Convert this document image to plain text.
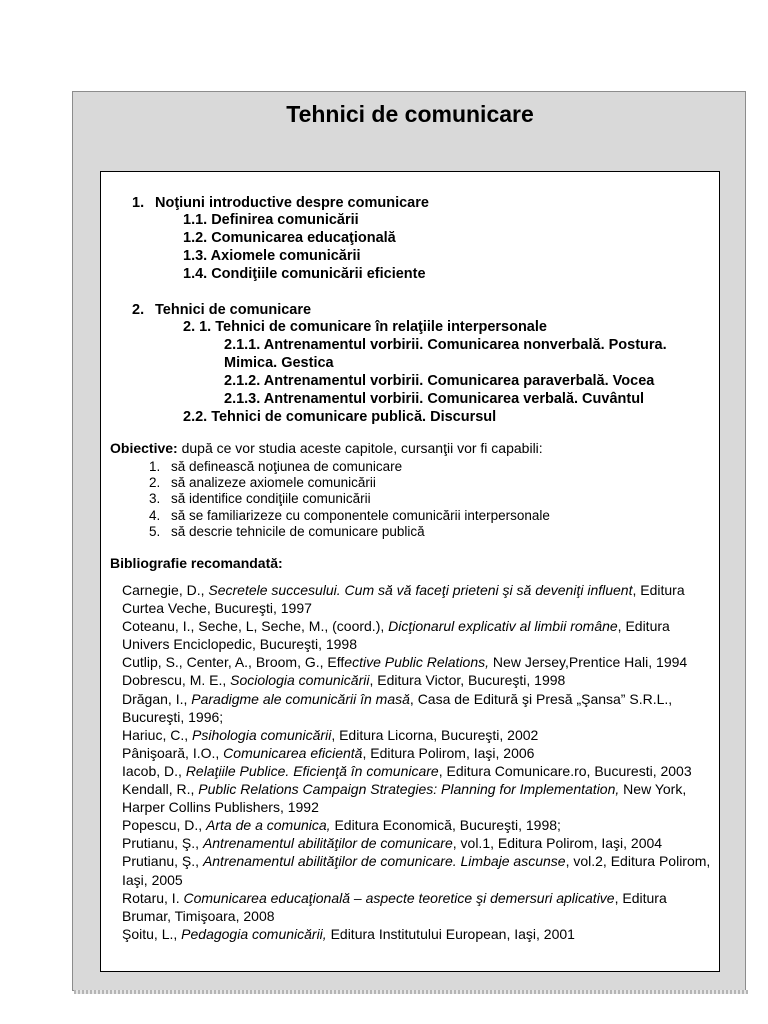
Tehnici de comunicare
1. Noţiuni introductive despre comunicare
1.1. Definirea comunicării
1.2. Comunicarea educaţională
1.3. Axiomele comunicării
1.4. Condiţiile comunicării eficiente
2. Tehnici de comunicare
2. 1. Tehnici de comunicare în relaţiile interpersonale
2.1.1. Antrenamentul vorbirii. Comunicarea nonverbală. Postura.
Mimica. Gestica
2.1.2. Antrenamentul vorbirii. Comunicarea paraverbală. Vocea
2.1.3. Antrenamentul vorbirii. Comunicarea verbală. Cuvântul
2.2. Tehnici de comunicare publică. Discursul
Obiective: după ce vor studia aceste capitole, cursanţii vor fi capabili:
1. să definească noţiunea de comunicare
2. să analizeze axiomele comunicării
3. să identifice condiţiile comunicării
4. să se familiarizeze cu componentele comunicării interpersonale
5. să descrie tehnicile de comunicare publică
Bibliografie recomandată:

Carnegie, D., Secretele succesului. Cum să vă faceţi prieteni şi să deveniţi influent, Editura Curtea Veche, Bucureşti, 1997

Coteanu, I., Seche, L, Seche, M., (coord.), Dicţionarul explicativ al limbii române, Editura Univers Enciclopedic, Bucureşti, 1998

Cutlip, S., Center, A., Broom, G., Effective Public Relations, New Jersey,Prentice Hali, 1994

Dobrescu, M. E., Sociologia comunicării, Editura Victor, Bucureşti, 1998

Drăgan, I., Paradigme ale comunicării în masă, Casa de Editură şi Presă „Şansa” S.R.L., Bucureşti, 1996;

Hariuc, C., Psihologia comunicării, Editura Licorna, Bucureşti, 2002

Pânişoară, I.O., Comunicarea eficientă, Editura Polirom, Iaşi, 2006

Iacob, D., Relaţiile Publice. Eficienţă în comunicare, Editura Comunicare.ro, Bucuresti, 2003

Kendall, R., Public Relations Campaign Strategies: Planning for Implementation, New York, Harper Collins Publishers, 1992

Popescu, D., Arta de a comunica, Editura Economică, Bucureşti, 1998;

Prutianu, Ş., Antrenamentul abilităţilor de comunicare, vol.1, Editura Polirom, Iaşi, 2004

Prutianu, Ş., Antrenamentul abilităţilor de comunicare. Limbaje ascunse, vol.2, Editura Polirom, Iaşi, 2005

Rotaru, I. Comunicarea educaţională – aspecte teoretice şi demersuri aplicative, Editura Brumar, Timişoara, 2008

Şoitu, L., Pedagogia comunicării, Editura Institutului European, Iaşi, 2001
